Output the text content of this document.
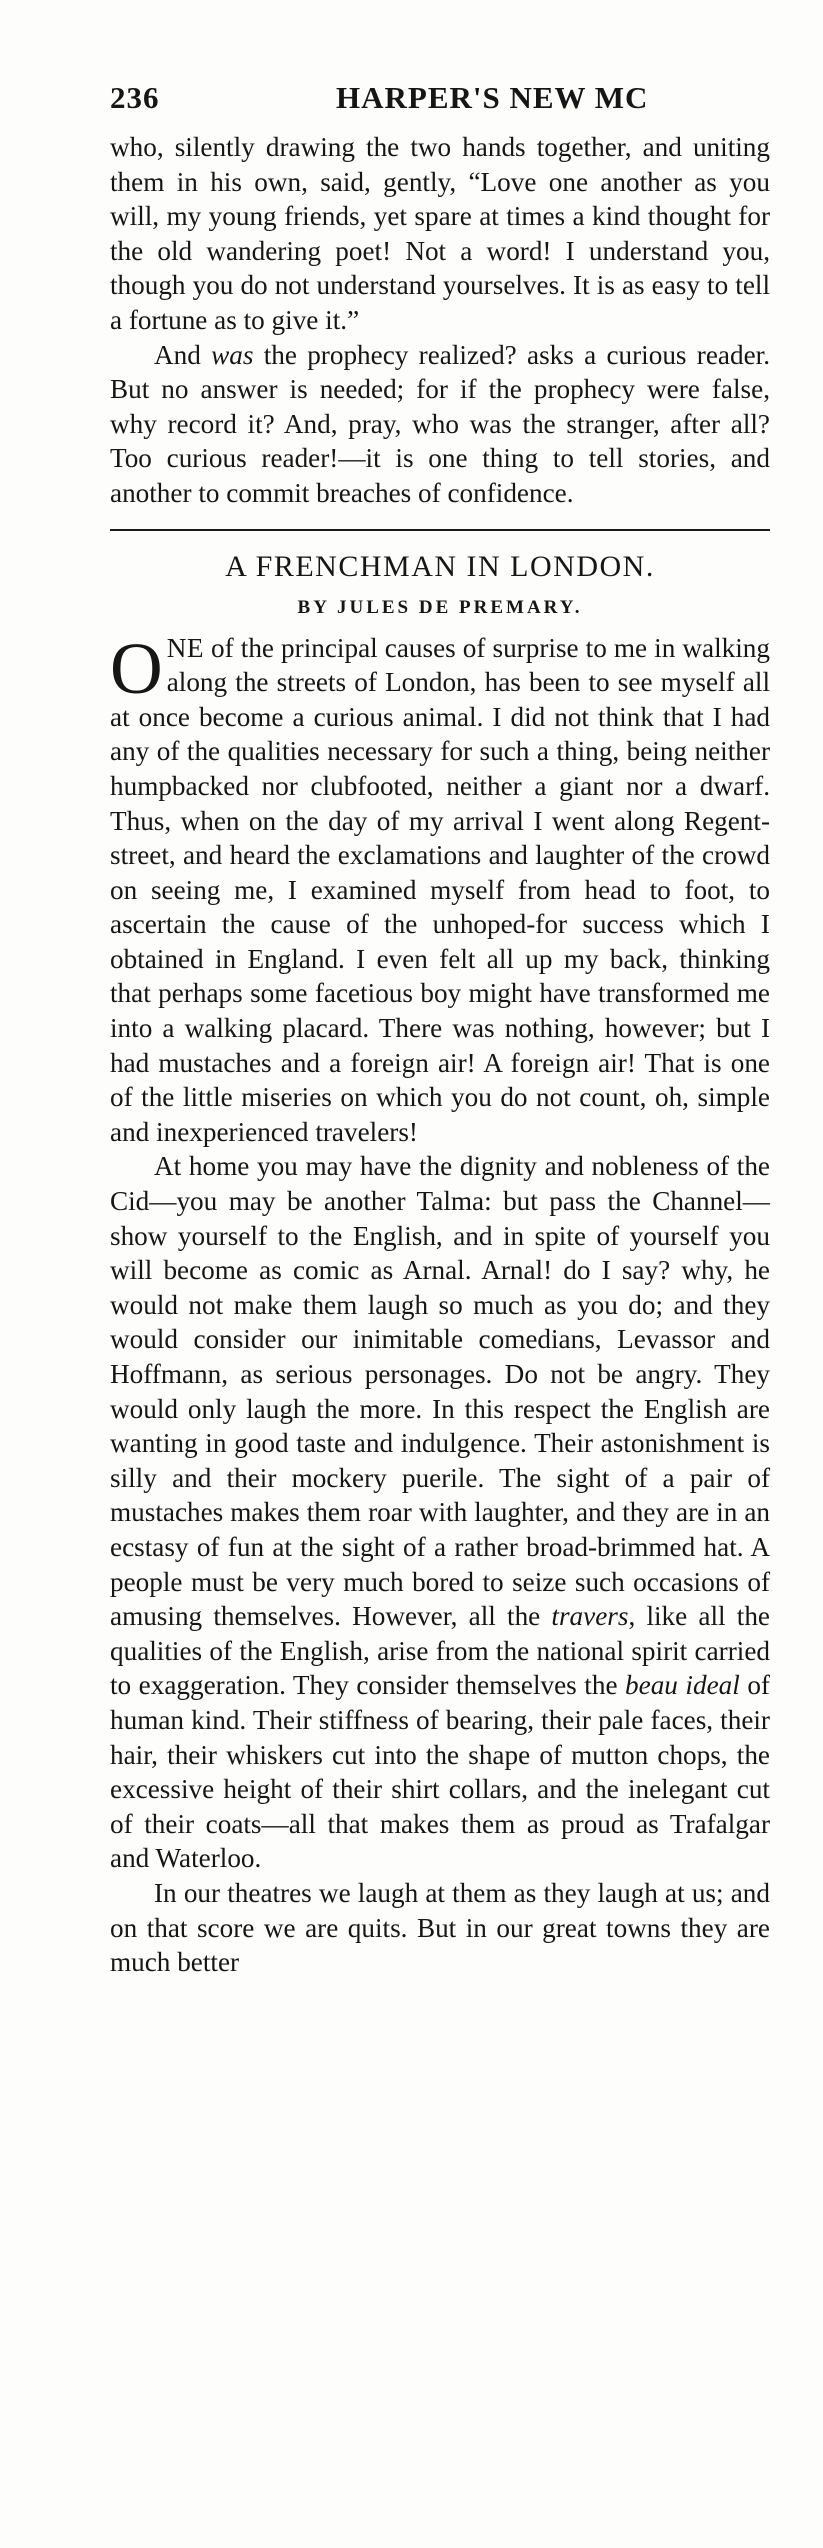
236	HARPER'S NEW MC

who, silently drawing the two hands together, and uniting them in his own, said, gently, “Love one another as you will, my young friends, yet spare at times a kind thought for the old wandering poet! Not a word! I understand you, though you do not understand yourselves. It is as easy to tell a fortune as to give it.”

And was the prophecy realized? asks a curious reader. But no answer is needed; for if the prophecy were false, why record it? And, pray, who was the stranger, after all? Too curious reader!—it is one thing to tell stories, and another to commit breaches of confidence.

A FRENCHMAN IN LONDON.
BY JULES DE PREMARY.

ONE of the principal causes of surprise to me in walking along the streets of London, has been to see myself all at once become a curious animal. I did not think that I had any of the qualities necessary for such a thing, being neither humpbacked nor clubfooted, neither a giant nor a dwarf. Thus, when on the day of my arrival I went along Regent-street, and heard the exclamations and laughter of the crowd on seeing me, I examined myself from head to foot, to ascertain the cause of the unhoped-for success which I obtained in England. I even felt all up my back, thinking that perhaps some facetious boy might have transformed me into a walking placard. There was nothing, however; but I had mustaches and a foreign air! A foreign air! That is one of the little miseries on which you do not count, oh, simple and inexperienced travelers!

At home you may have the dignity and nobleness of the Cid—you may be another Talma: but pass the Channel—show yourself to the English, and in spite of yourself you will become as comic as Arnal. Arnal! do I say? why, he would not make them laugh so much as you do; and they would consider our inimitable comedians, Levassor and Hoffmann, as serious personages. Do not be angry. They would only laugh the more. In this respect the English are wanting in good taste and indulgence. Their astonishment is silly and their mockery puerile. The sight of a pair of mustaches makes them roar with laughter, and they are in an ecstasy of fun at the sight of a rather broad-brimmed hat. A people must be very much bored to seize such occasions of amusing themselves. However, all the travers, like all the qualities of the English, arise from the national spirit carried to exaggeration. They consider themselves the beau ideal of human kind. Their stiffness of bearing, their pale faces, their hair, their whiskers cut into the shape of mutton chops, the excessive height of their shirt collars, and the inelegant cut of their coats—all that makes them as proud as Trafalgar and Waterloo.

In our theatres we laugh at them as they laugh at us; and on that score we are quits. But in our great towns they are much better
